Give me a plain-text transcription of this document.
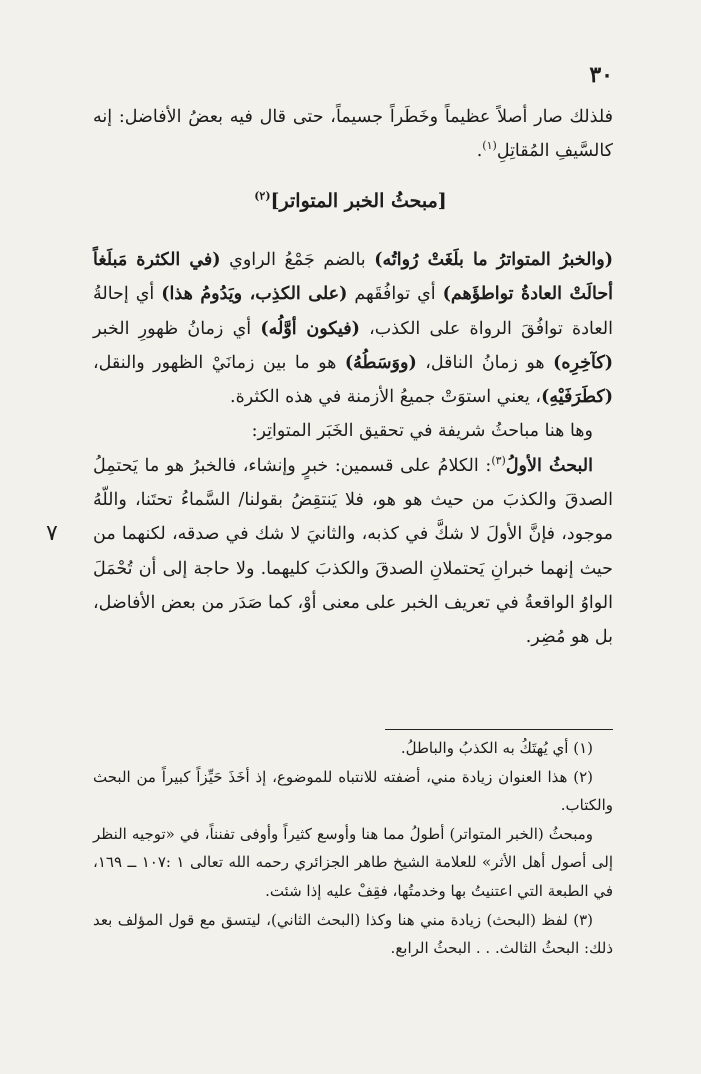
٣٠
٧

فلذلك صار أصلاً عظيماً وخَطَراً جسيماً، حتى قال فيه بعضُ الأفاضل: إنه كالسَّيفِ المُقاتِلِ$^{(١)}$.

[مبحثُ الخبر المتواتر]$^{(٢)}$

(والخبرُ المتواترُ ما بلَغَتْ رُواتُه) بالضم جَمْعُ الراوي (في الكثرة مَبلَغاً أحالَتْ العادةُ تواطؤَهم) أي توافُقَهم (على الكذِب، ويَدُومُ هذا) أي إحالةُ العادة توافُقَ الرواة على الكذب، (فيكون أوَّلُه) أي زمانُ ظهورِ الخبر (كآخِرِه) هو زمانُ الناقل، (ووَسَطُهُ) هو ما بين زمانَيْ الظهور والنقل، (كطَرَفَيْهِ)، يعني استوَتْ جميعُ الأزمنة في هذه الكثرة.

وها هنا مباحثُ شريفة في تحقيق الخَبَر المتواتِر:

البحثُ الأولُ$^{(٣)}$: الكلامُ على قسمين: خبرٍ وإنشاء، فالخبرُ هو ما يَحتمِلُ الصدقَ والكذبَ من حيث هو هو، فلا يَنتقِضُ بقولنا/ السَّماءُ تحتَنا، واللّهُ موجود، فإنَّ الأولَ لا شكَّ في كذبه، والثانيَ لا شك في صدقه، لكنهما من حيث إنهما خبرانِ يَحتملانِ الصدقَ والكذبَ كليهما. ولا حاجة إلى أن تُحْمَلَ الواوُ الواقعةُ في تعريف الخبر على معنى أوْ، كما صَدَر من بعض الأفاضل، بل هو مُضِر.

(١) أي يُهتَكُ به الكذبُ والباطلُ.

(٢) هذا العنوان زيادة مني، أضفته للانتباه للموضوع، إذ أخَذَ حَيِّزاً كبيراً من البحث والكتاب.

ومبحثُ (الخبر المتواتر) أطولُ مما هنا وأوسع كثيراً وأوفى تفنناً، في «توجيه النظر إلى أصول أهل الأثر» للعلامة الشيخ طاهر الجزائري رحمه الله تعالى ١ :١٠٧ ــ ١٦٩، في الطبعة التي اعتنيتُ بها وخدمتُها، فقِفْ عليه إذا شئت.

(٣) لفظ (البحث) زيادة مني هنا وكذا (البحث الثاني)، ليتسق مع قول المؤلف بعد ذلك: البحثُ الثالث. . . البحثُ الرابع.
